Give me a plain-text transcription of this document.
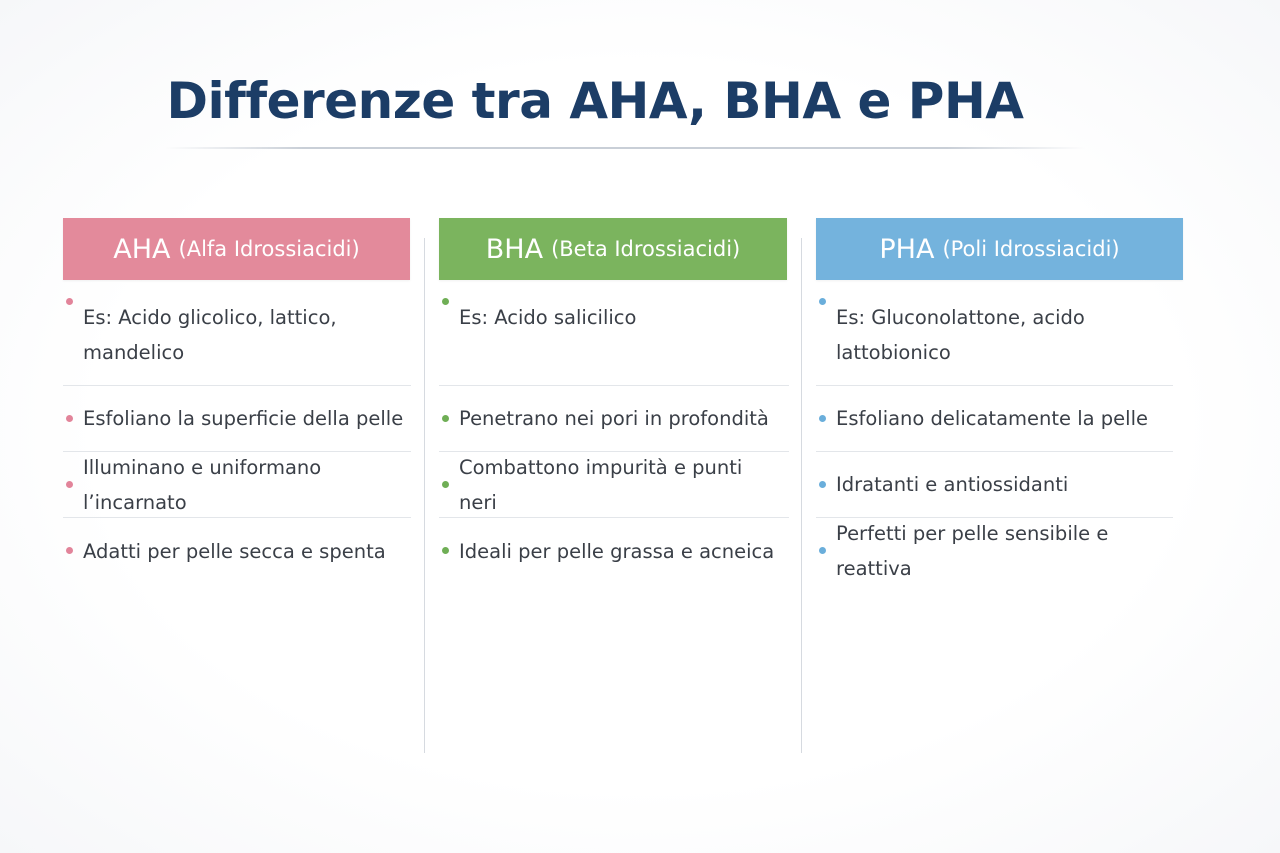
Differenze tra AHA, BHA e PHA
AHA (Alfa Idrossiacidi)
Es: Acido glicolico, lattico, mandelico
Esfoliano la superficie della pelle
Illuminano e uniformano l’incarnato
Adatti per pelle secca e spenta
BHA (Beta Idrossiacidi)
Es: Acido salicilico
Penetrano nei pori in profondità
Combattono impurità e punti neri
Ideali per pelle grassa e acneica
PHA (Poli Idrossiacidi)
Es: Gluconolattone, acido lattobionico
Esfoliano delicatamente la pelle
Idratanti e antiossidanti
Perfetti per pelle sensibile e reattiva
